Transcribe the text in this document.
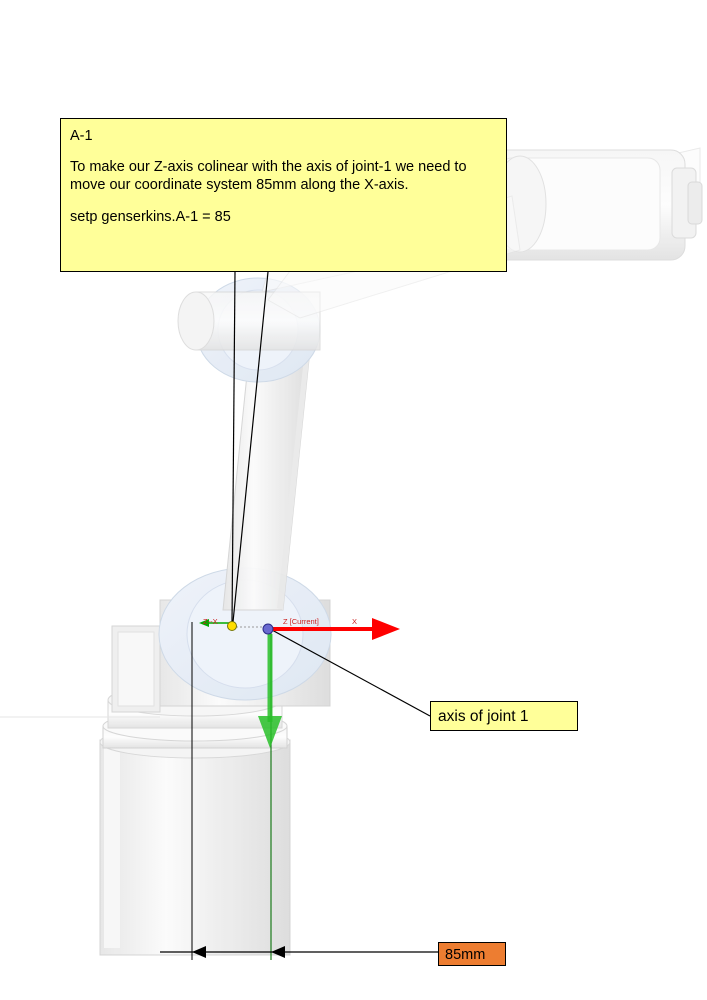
Z--X	Z [Current]	X

A-1

To make our Z-axis colinear with the axis of joint-1 we need to move our coordinate system 85mm along the X-axis.

setp genserkins.A-1 = 85

axis of joint 1
85mm
